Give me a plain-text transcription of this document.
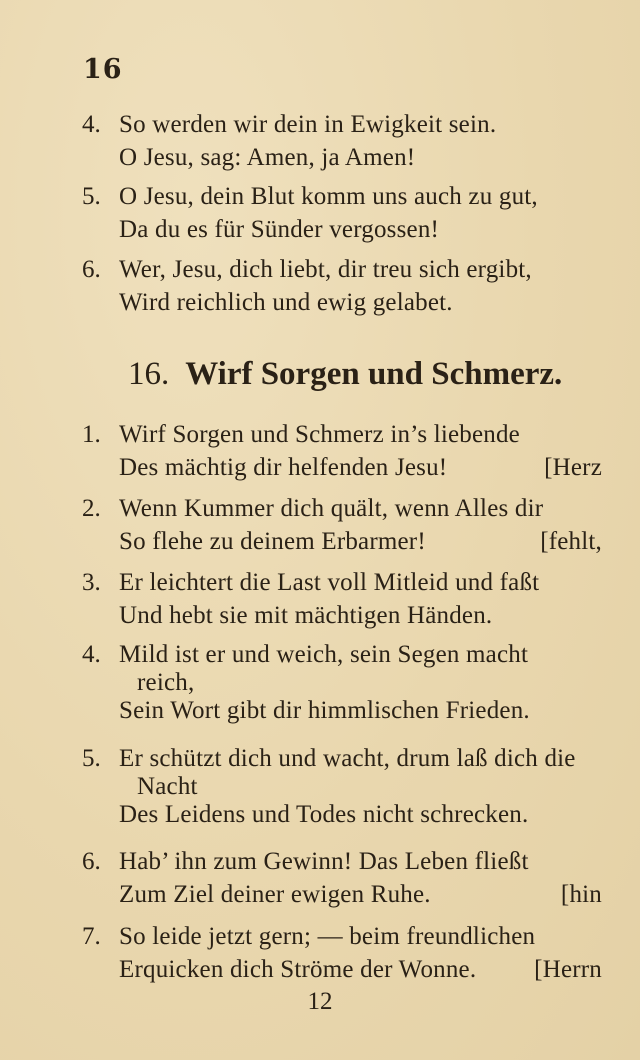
16
4. So werden wir dein in Ewigkeit sein.
O Jesu, sag: Amen, ja Amen!
5. O Jesu, dein Blut komm uns auch zu gut,
Da du es für Sünder vergossen!
6. Wer, Jesu, dich liebt, dir treu sich ergibt,
Wird reichlich und ewig gelabet.
16. Wirf Sorgen und Schmerz.
1. Wirf Sorgen und Schmerz in’s liebende
Des mächtig dir helfenden Jesu!	[Herz
2. Wenn Kummer dich quält, wenn Alles dir
So flehe zu deinem Erbarmer!	[fehlt,
3. Er leichtert die Last voll Mitleid und faßt
Und hebt sie mit mächtigen Händen.
4. Mild ist er und weich, sein Segen macht
reich,
Sein Wort gibt dir himmlischen Frieden.
5. Er schützt dich und wacht, drum laß dich die
Nacht
Des Leidens und Todes nicht schrecken.
6. Hab’ ihn zum Gewinn! Das Leben fließt
Zum Ziel deiner ewigen Ruhe.	[hin
7. So leide jetzt gern; — beim freundlichen
Erquicken dich Ströme der Wonne. [Herrn
12
